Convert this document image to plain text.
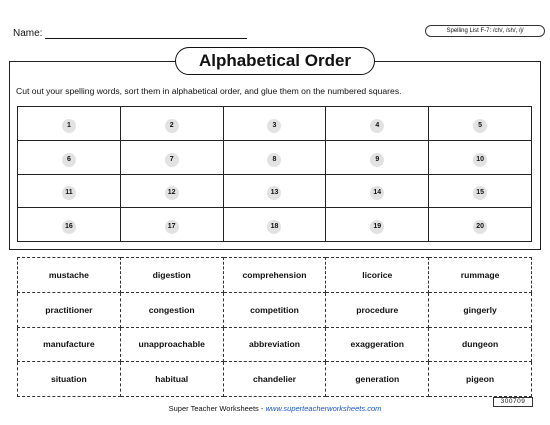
Name:	Spelling List F-7: /ch/, /sh/, /j/
Alphabetical Order
Cut out your spelling words, sort them in alphabetical order, and glue them on the numbered squares.
1	2	3	4	5
6	7	8	9	10
11	12	13	14	15
16	17	18	19	20
mustache	digestion	comprehension	licorice	rummage
practitioner	congestion	competition	procedure	gingerly
manufacture	unapproachable	abbreviation	exaggeration	dungeon
situation	habitual	chandelier	generation	pigeon
300709
Super Teacher Worksheets - www.superteacherworksheets.com
